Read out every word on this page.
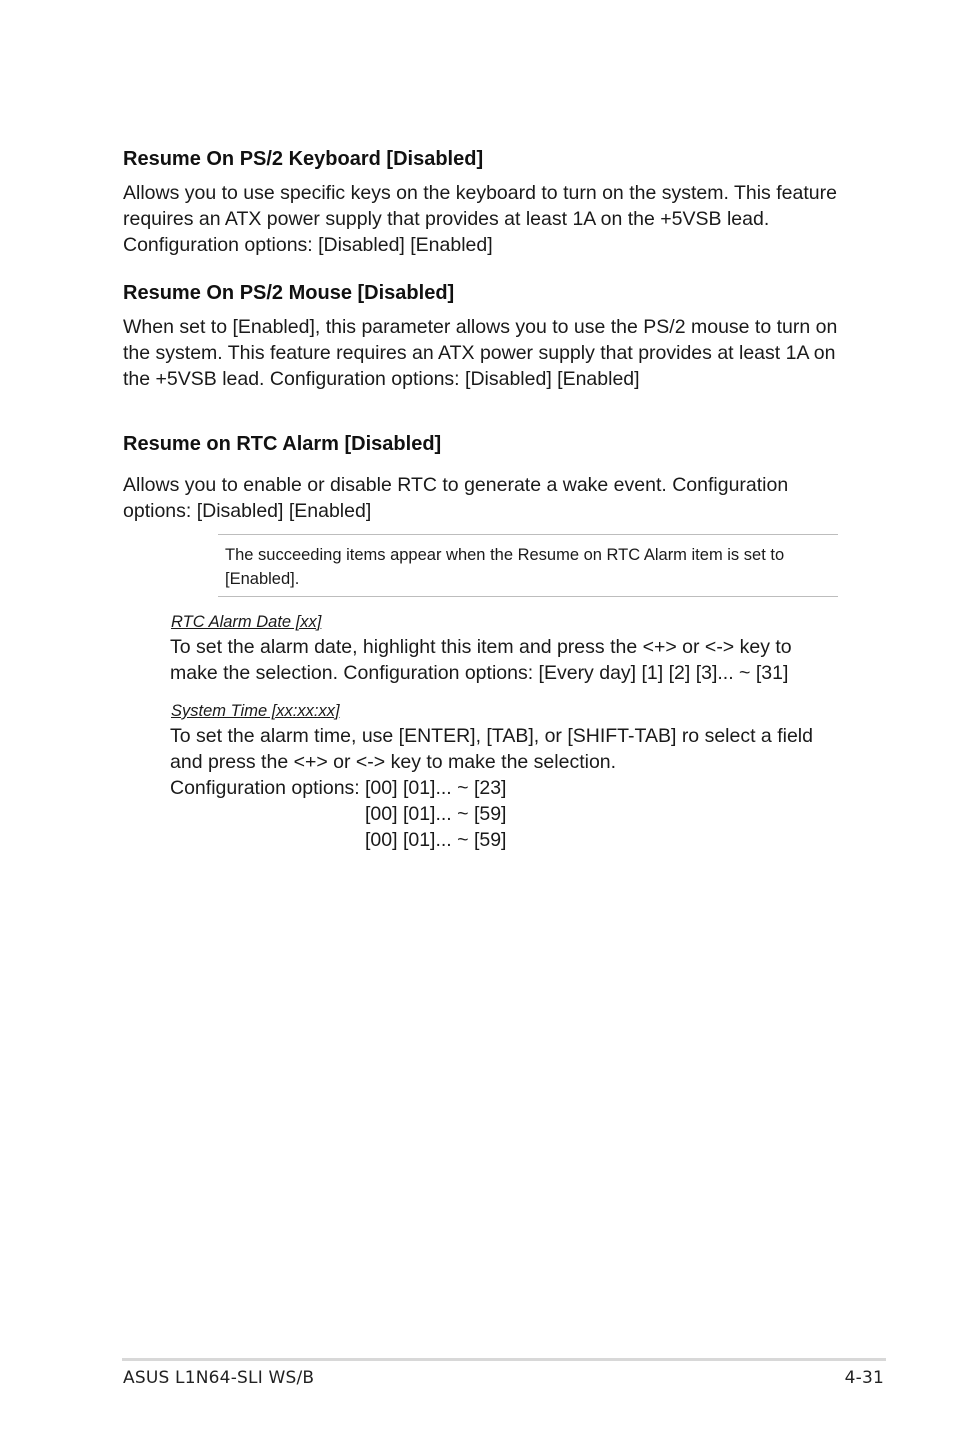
Resume On PS/2 Keyboard [Disabled]
Allows you to use specific keys on the keyboard to turn on the system. This feature requires an ATX power supply that provides at least 1A on the +5VSB lead. Configuration options: [Disabled] [Enabled]
Resume On PS/2 Mouse [Disabled]
When set to [Enabled], this parameter allows you to use the PS/2 mouse to turn on the system. This feature requires an ATX power supply that provides at least 1A on the +5VSB lead. Configuration options: [Disabled] [Enabled]
Resume on RTC Alarm [Disabled]
Allows you to enable or disable RTC to generate a wake event. Configuration options: [Disabled] [Enabled]
The succeeding items appear when the Resume on RTC Alarm item is set to [Enabled].
RTC Alarm Date [xx]
To set the alarm date, highlight this item and press the <+> or <-> key to make the selection. Configuration options: [Every day] [1] [2] [3]... ~ [31]
System Time [xx:xx:xx]
To set the alarm time, use [ENTER], [TAB], or [SHIFT-TAB] ro select a field
and press the <+> or <-> key to make the selection.
Configuration options: [00] [01]... ~ [23]
[00] [01]... ~ [59]
[00] [01]... ~ [59]
ASUS L1N64-SLI WS/B	4-31
